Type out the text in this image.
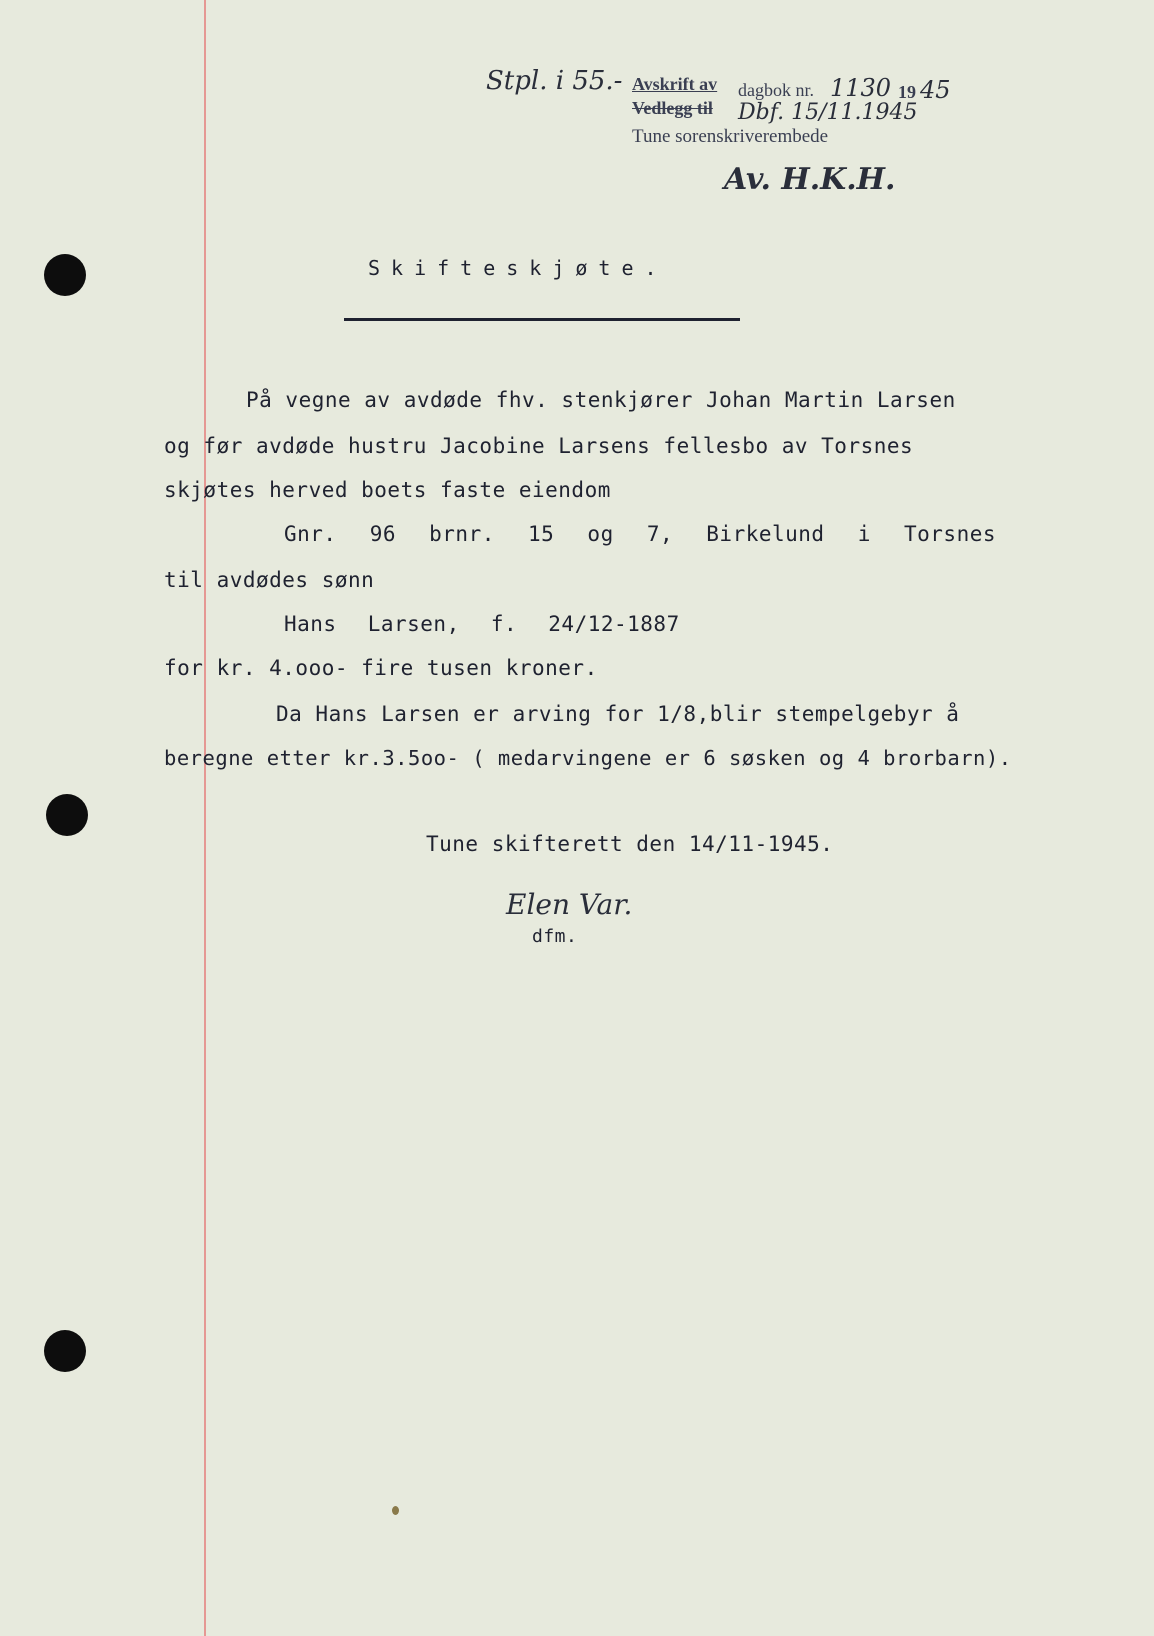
Stpl. i 55.- Avskrift av dagbok nr. 1130 19 45
Vedlegg til Dbf. 15/11.1945
Tune sorenskriverembede
Av. H.K.H.
Skifteskjøte.
På vegne av avdøde fhv. stenkjører Johan Martin Larsen
og før avdøde hustru Jacobine Larsens fellesbo av Torsnes
skjøtes herved boets faste eiendom
Gnr. 96 brnr. 15 og 7, Birkelund i Torsnes
til avdødes sønn
Hans Larsen, f. 24/12-1887
for kr. 4.ooo- fire tusen kroner.
Da Hans Larsen er arving for 1/8,blir stempelgebyr å
beregne etter kr.3.5oo- ( medarvingene er 6 søsken og 4 brorbarn).
Tune skifterett den 14/11-1945.
Elen Var.
dfm.
